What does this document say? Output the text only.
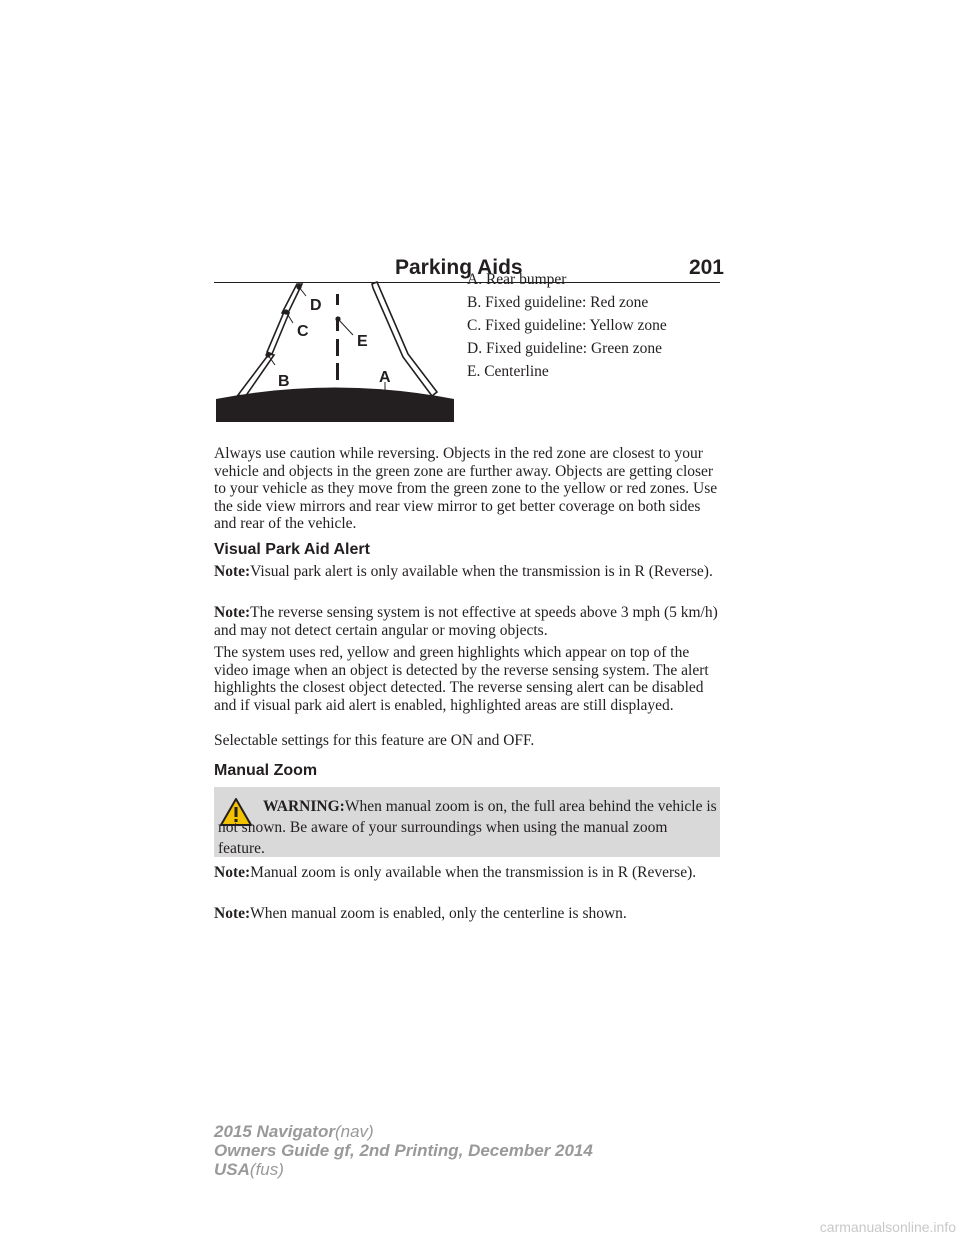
Parking Aids	201
D
C
B
E
A
A. Rear bumper
B. Fixed guideline: Red zone
C. Fixed guideline: Yellow zone
D. Fixed guideline: Green zone
E. Centerline

Always use caution while reversing. Objects in the red zone are closest to your vehicle and objects in the green zone are further away. Objects are getting closer to your vehicle as they move from the green zone to the yellow or red zones. Use the side view mirrors and rear view mirror to get better coverage on both sides and rear of the vehicle.

Visual Park Aid Alert

Note:Visual park alert is only available when the transmission is in R (Reverse).

Note:The reverse sensing system is not effective at speeds above 3 mph (5 km/h) and may not detect certain angular or moving objects.

The system uses red, yellow and green highlights which appear on top of the video image when an object is detected by the reverse sensing system. The alert highlights the closest object detected. The reverse sensing alert can be disabled and if visual park aid alert is enabled, highlighted areas are still displayed.

Selectable settings for this feature are ON and OFF.

Manual Zoom

WARNING:When manual zoom is on, the full area behind the vehicle is not shown. Be aware of your surroundings when using the manual zoom feature.

Note:Manual zoom is only available when the transmission is in R (Reverse).

Note:When manual zoom is enabled, only the centerline is shown.

2015 Navigator(nav)
Owners Guide gf, 2nd Printing, December 2014
USA(fus)
carmanualsonline.info
